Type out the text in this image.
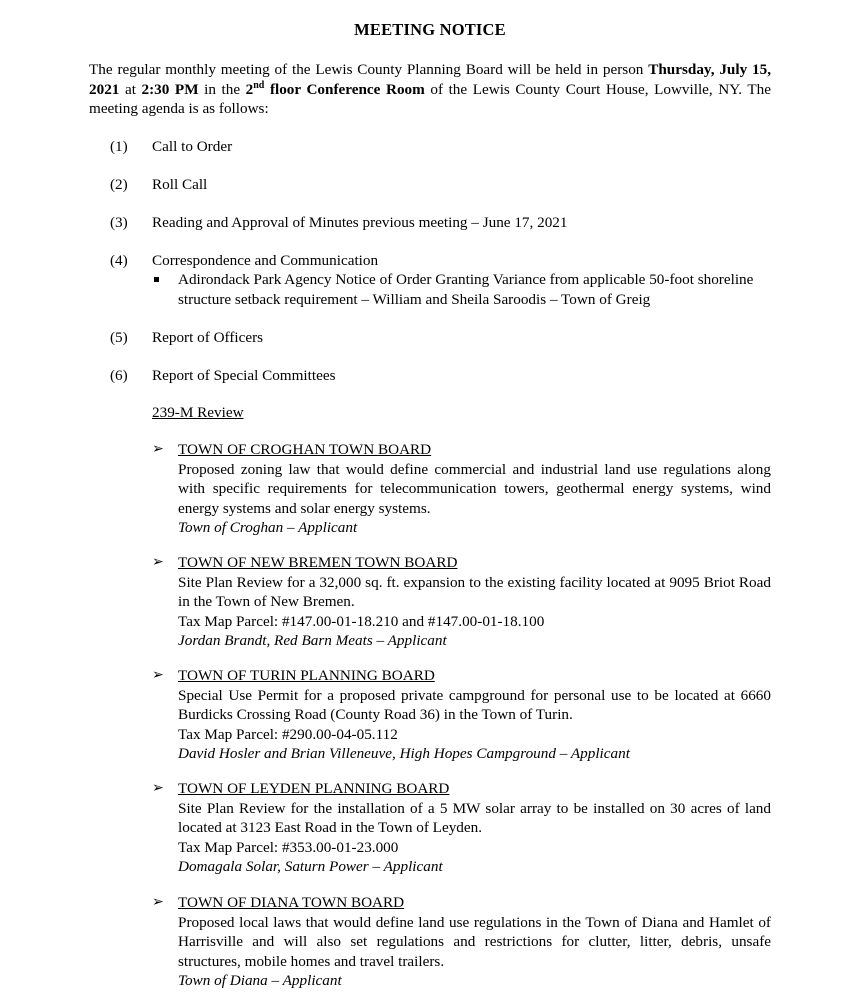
MEETING NOTICE

The regular monthly meeting of the Lewis County Planning Board will be held in person Thursday, July 15, 2021 at 2:30 PM in the 2nd floor Conference Room of the Lewis County Court House, Lowville, NY. The meeting agenda is as follows:

(1) Call to Order
(2) Roll Call
(3) Reading and Approval of Minutes previous meeting – June 17, 2021
(4) Correspondence and Communication
Adirondack Park Agency Notice of Order Granting Variance from applicable 50-foot shoreline structure setback requirement – William and Sheila Saroodis – Town of Greig
(5) Report of Officers
(6) Report of Special Committees
239-M Review
➢ TOWN OF CROGHAN TOWN BOARD
Proposed zoning law that would define commercial and industrial land use regulations along with specific requirements for telecommunication towers, geothermal energy systems, wind energy systems and solar energy systems.
Town of Croghan – Applicant
➢ TOWN OF NEW BREMEN TOWN BOARD
Site Plan Review for a 32,000 sq. ft. expansion to the existing facility located at 9095 Briot Road in the Town of New Bremen.
Tax Map Parcel: #147.00-01-18.210 and #147.00-01-18.100
Jordan Brandt, Red Barn Meats – Applicant
➢ TOWN OF TURIN PLANNING BOARD
Special Use Permit for a proposed private campground for personal use to be located at 6660 Burdicks Crossing Road (County Road 36) in the Town of Turin.
Tax Map Parcel: #290.00-04-05.112
David Hosler and Brian Villeneuve, High Hopes Campground – Applicant
➢ TOWN OF LEYDEN PLANNING BOARD
Site Plan Review for the installation of a 5 MW solar array to be installed on 30 acres of land located at 3123 East Road in the Town of Leyden.
Tax Map Parcel: #353.00-01-23.000
Domagala Solar, Saturn Power – Applicant
➢ TOWN OF DIANA TOWN BOARD
Proposed local laws that would define land use regulations in the Town of Diana and Hamlet of Harrisville and will also set regulations and restrictions for clutter, litter, debris, unsafe structures, mobile homes and travel trailers.
Town of Diana – Applicant
